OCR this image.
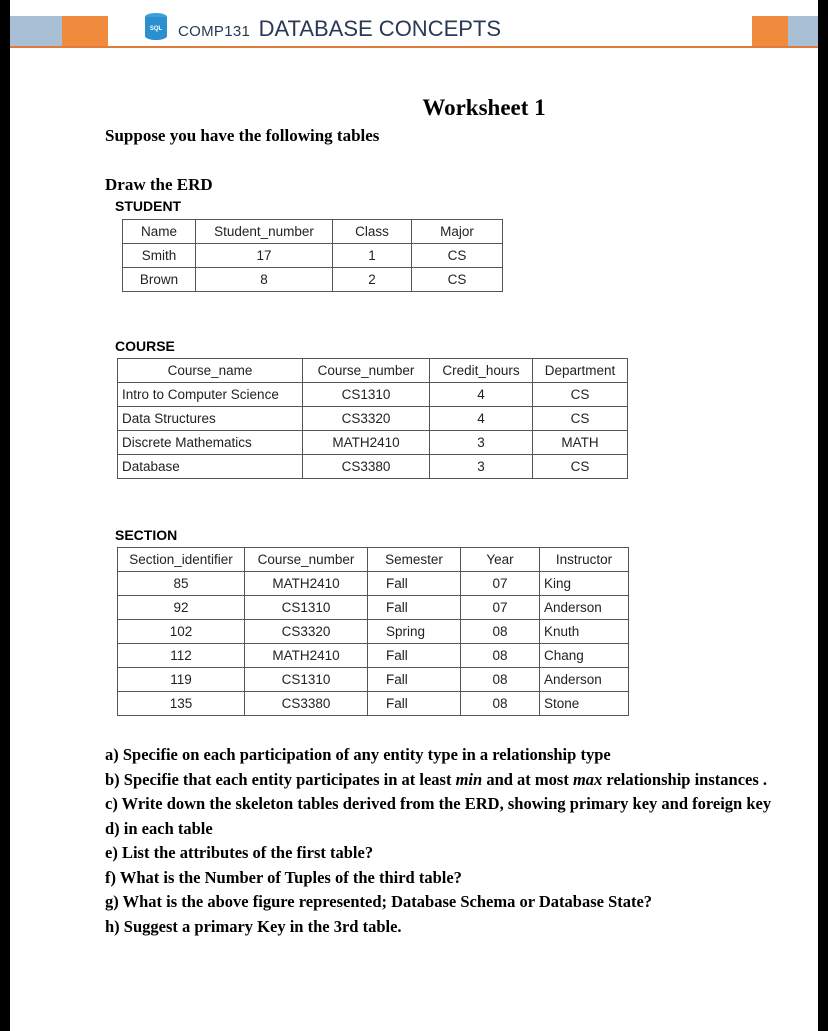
SQL COMP131 DATABASE CONCEPTS
Worksheet 1
Suppose you have the following tables
Draw the ERD
STUDENT
Name	Student_number	Class	Major
Smith	17	1	CS
Brown	8	2	CS
COURSE
Course_name	Course_number	Credit_hours	Department
Intro to Computer Science	CS1310	4	CS
Data Structures	CS3320	4	CS
Discrete Mathematics	MATH2410	3	MATH
Database	CS3380	3	CS
SECTION
Section_identifier	Course_number	Semester	Year	Instructor
85	MATH2410	Fall	07	King
92	CS1310	Fall	07	Anderson
102	CS3320	Spring	08	Knuth
112	MATH2410	Fall	08	Chang
119	CS1310	Fall	08	Anderson
135	CS3380	Fall	08	Stone

a) Specifie on each participation of any entity type in a relationship type

b) Specifie that each entity participates in at least min and at most max relationship instances .

c) Write down the skeleton tables derived from the ERD, showing primary key and foreign key

d) in each table

e) List the attributes of the first table?

f) What is the Number of Tuples of the third table?

g) What is the above figure represented; Database Schema or Database State?

h) Suggest a primary Key in the 3rd table.
